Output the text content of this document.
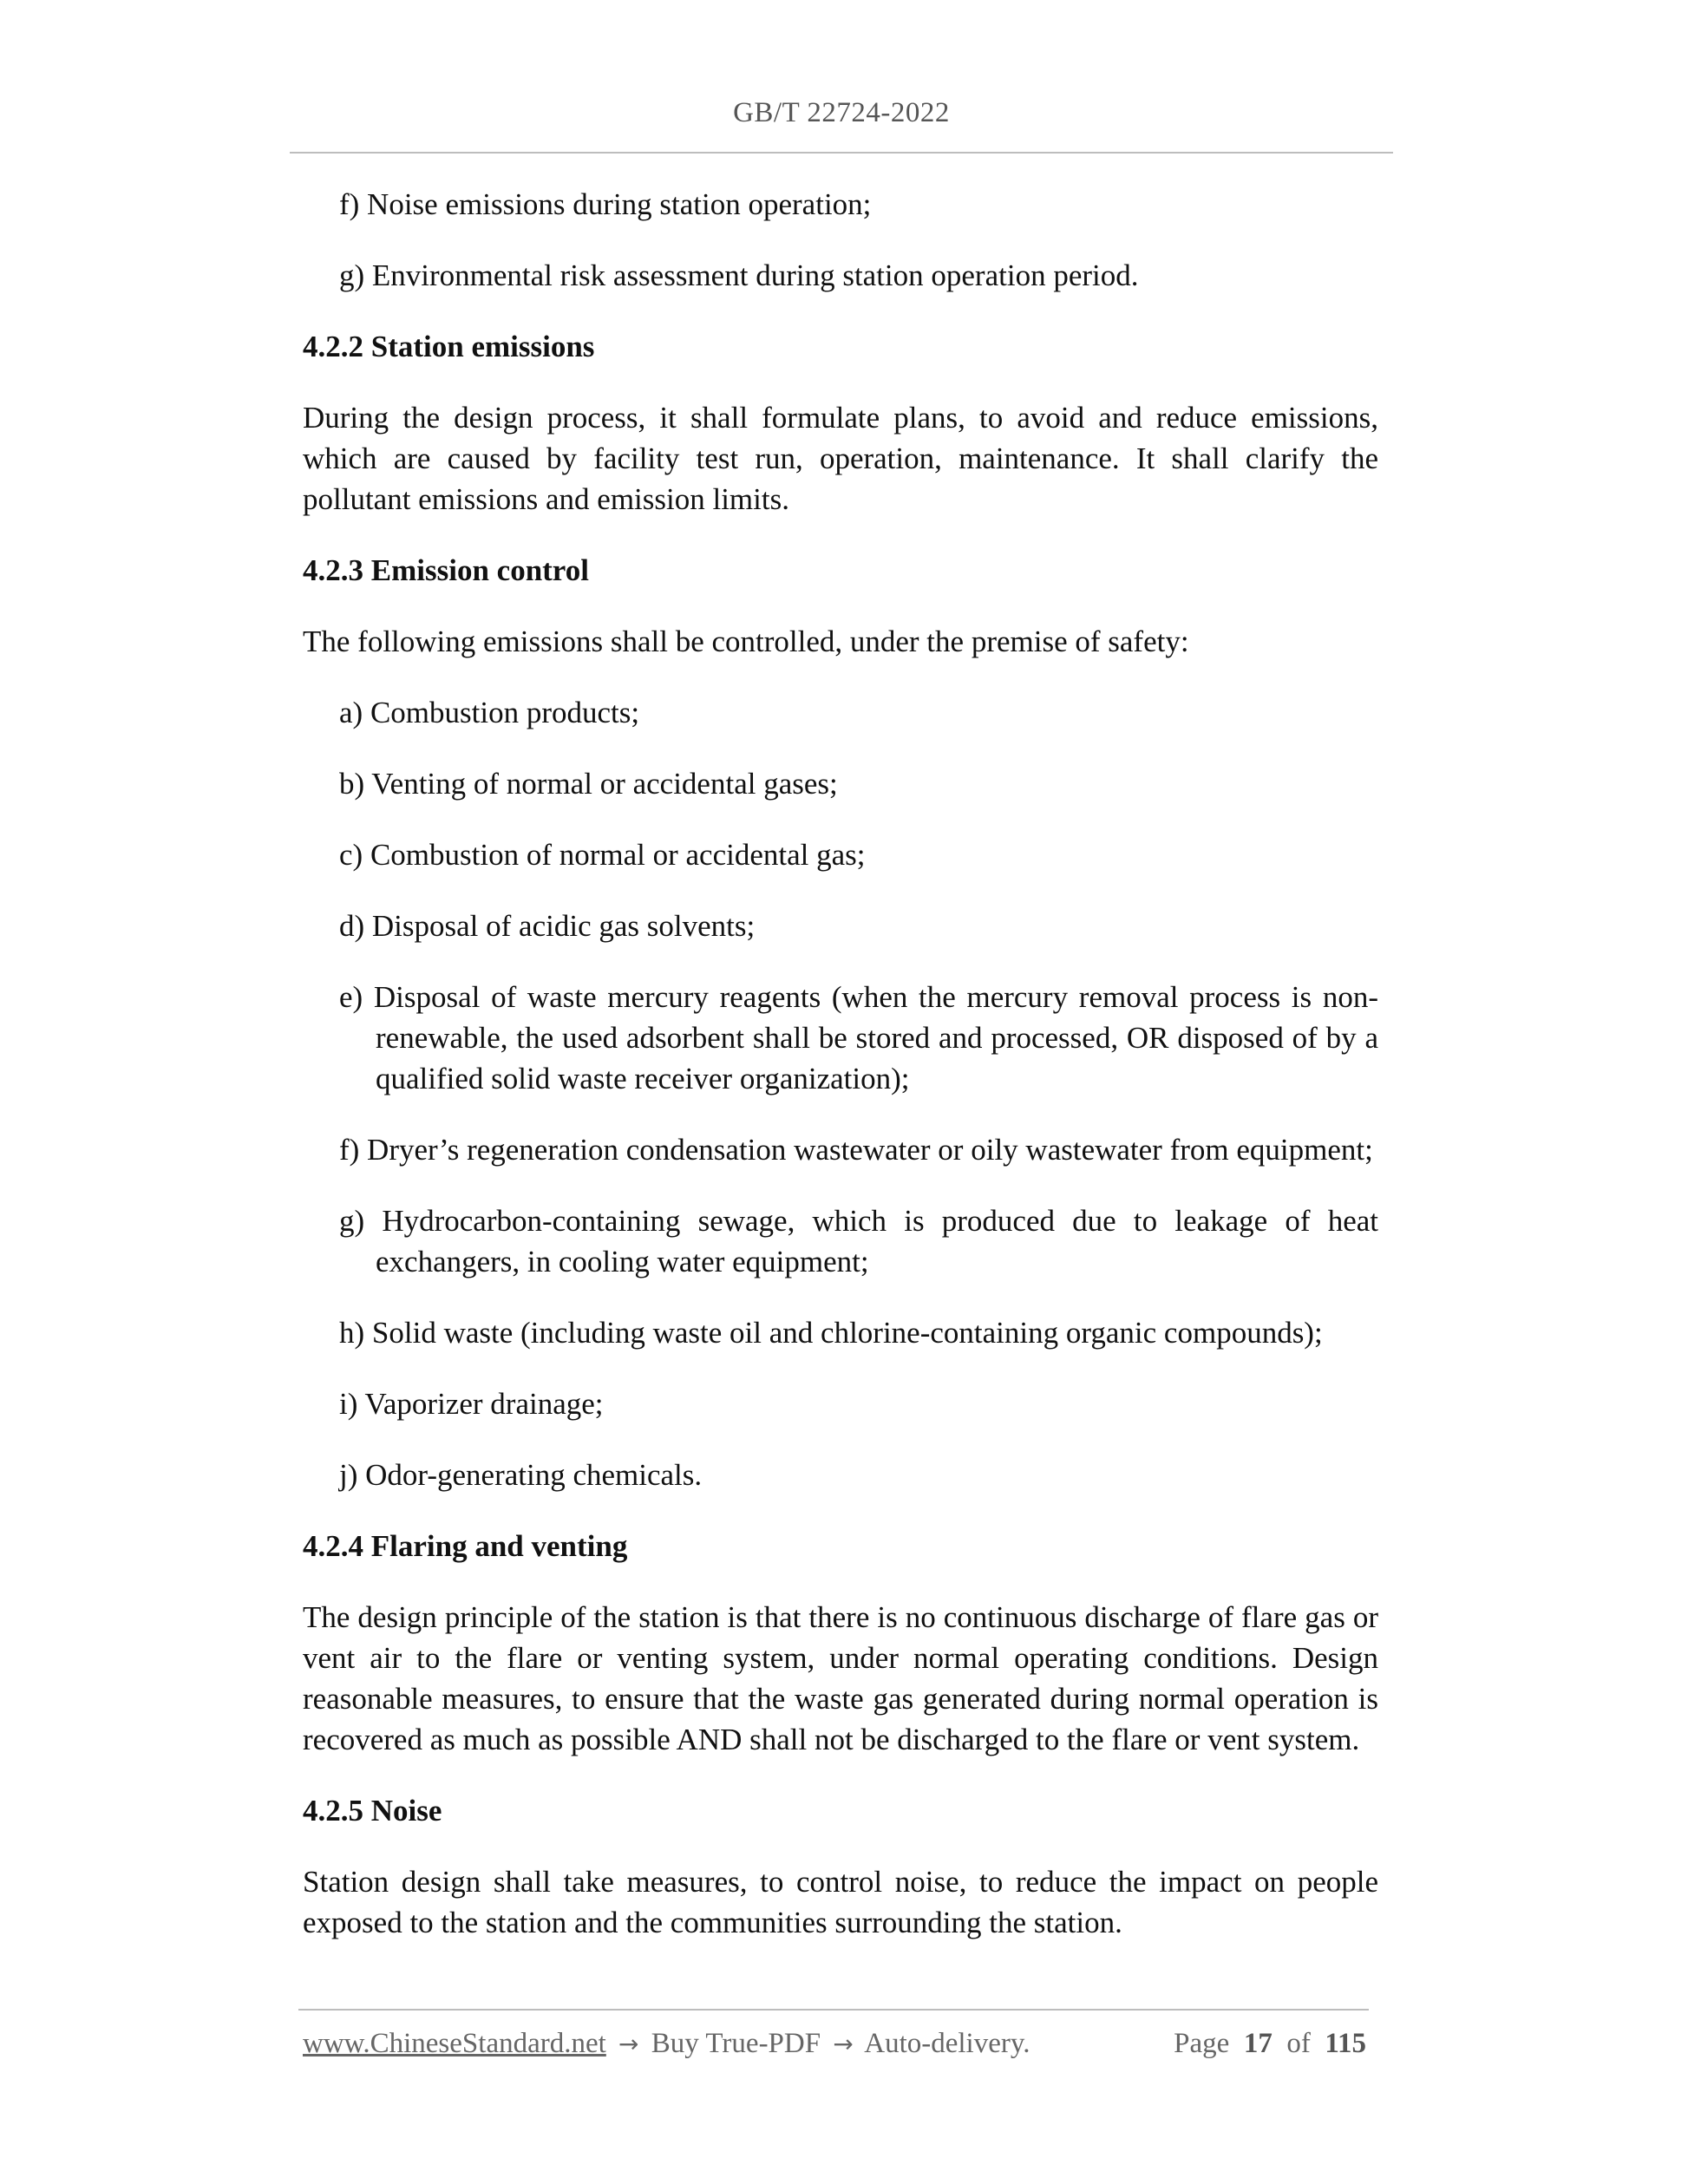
GB/T 22724-2022
f) Noise emissions during station operation;
g) Environmental risk assessment during station operation period.
4.2.2 Station emissions
During the design process, it shall formulate plans, to avoid and reduce emissions, which are caused by facility test run, operation, maintenance. It shall clarify the pollutant emissions and emission limits.
4.2.3 Emission control
The following emissions shall be controlled, under the premise of safety:
a) Combustion products;
b) Venting of normal or accidental gases;
c) Combustion of normal or accidental gas;
d) Disposal of acidic gas solvents;
e) Disposal of waste mercury reagents (when the mercury removal process is non-renewable, the used adsorbent shall be stored and processed, OR disposed of by a qualified solid waste receiver organization);
f) Dryer’s regeneration condensation wastewater or oily wastewater from equipment;
g) Hydrocarbon-containing sewage, which is produced due to leakage of heat exchangers, in cooling water equipment;
h) Solid waste (including waste oil and chlorine-containing organic compounds);
i) Vaporizer drainage;
j) Odor-generating chemicals.
4.2.4 Flaring and venting
The design principle of the station is that there is no continuous discharge of flare gas or vent air to the flare or venting system, under normal operating conditions. Design reasonable measures, to ensure that the waste gas generated during normal operation is recovered as much as possible AND shall not be discharged to the flare or vent system.
4.2.5 Noise
Station design shall take measures, to control noise, to reduce the impact on people exposed to the station and the communities surrounding the station.
www.ChineseStandard.net → Buy True-PDF → Auto-delivery.	Page 17 of 115
